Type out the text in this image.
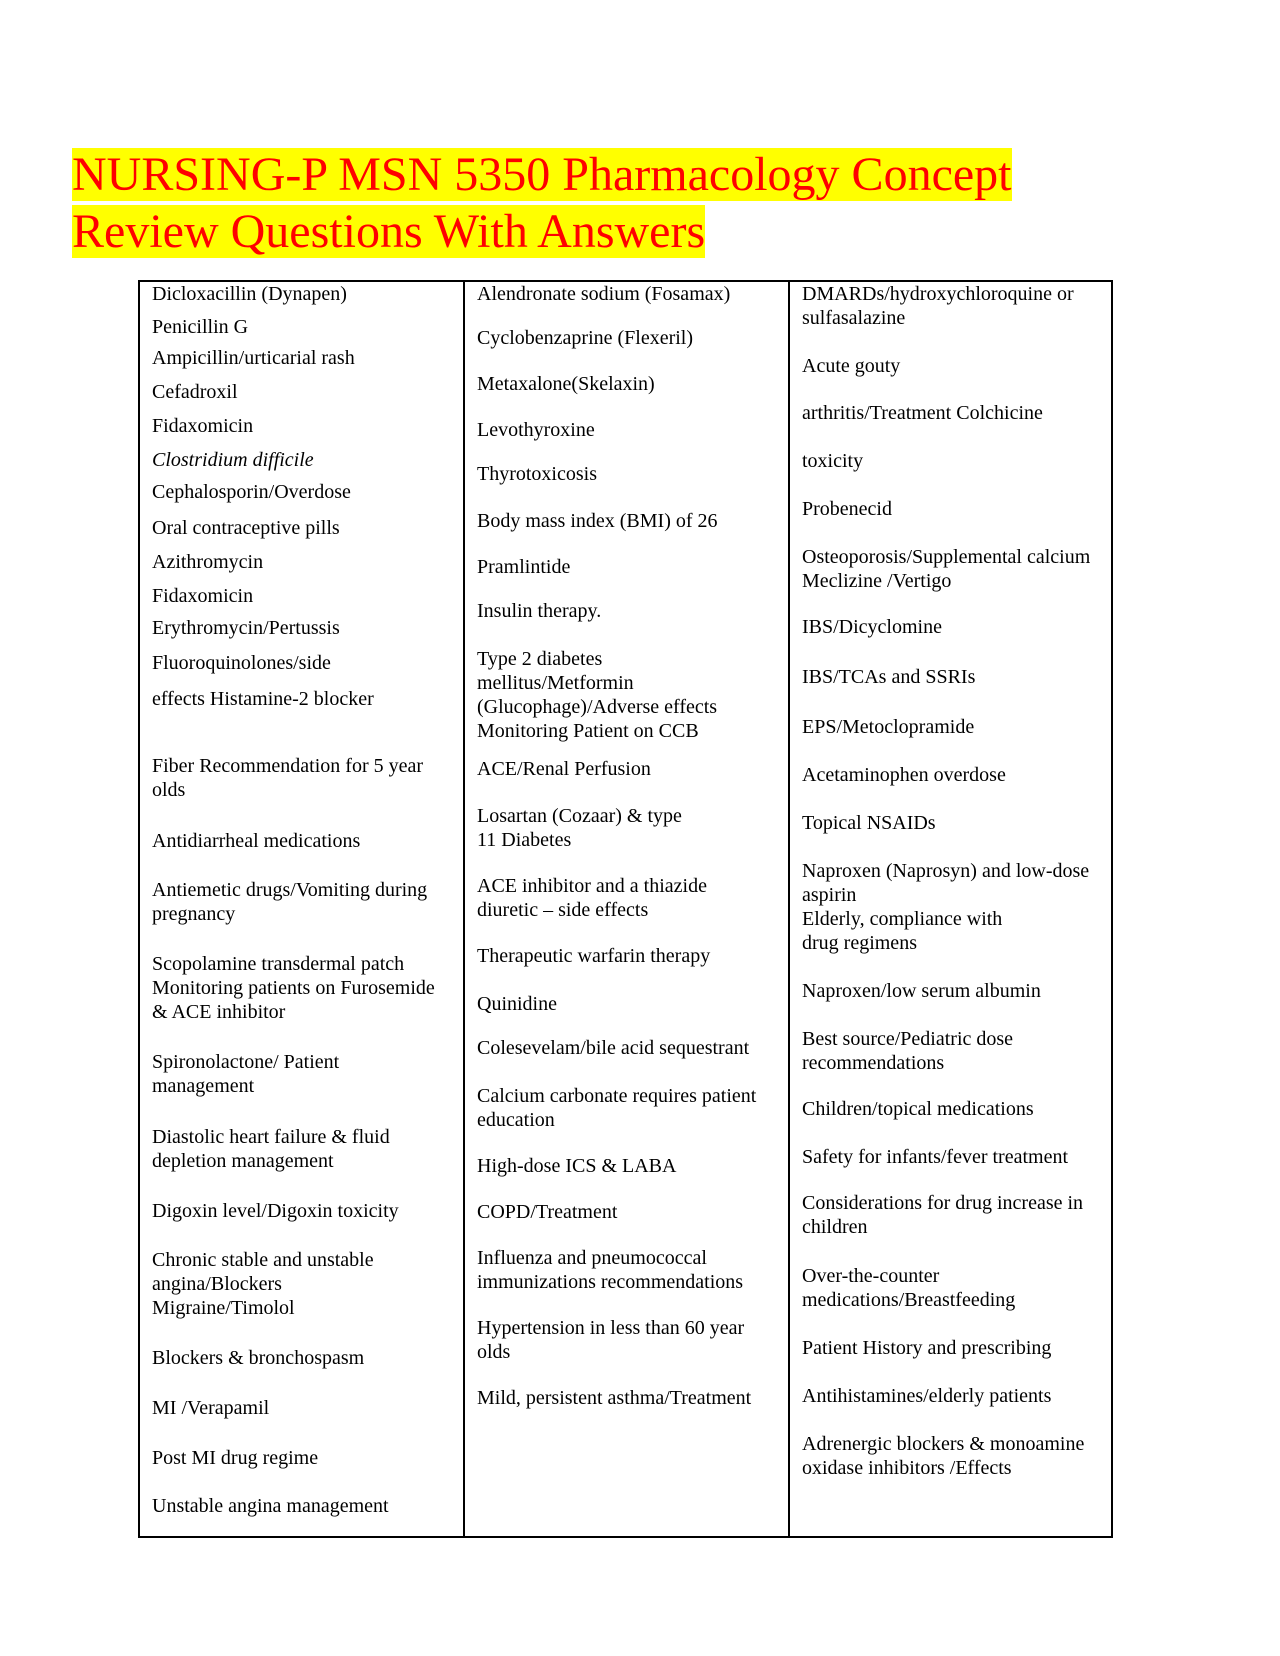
NURSING-P MSN 5350 Pharmacology Concept
Review Questions With Answers
Dicloxacillin (Dynapen)
Penicillin G
Ampicillin/urticarial rash
Cefadroxil
Fidaxomicin
Clostridium difficile
Cephalosporin/Overdose
Oral contraceptive pills
Azithromycin
Fidaxomicin
Erythromycin/Pertussis
Fluoroquinolones/side
effects Histamine-2 blocker
Fiber Recommendation for 5 year
olds
Antidiarrheal medications
Antiemetic drugs/Vomiting during
pregnancy
Scopolamine transdermal patch
Monitoring patients on Furosemide
& ACE inhibitor
Spironolactone/ Patient
management
Diastolic heart failure & fluid
depletion management
Digoxin level/Digoxin toxicity
Chronic stable and unstable
angina/Blockers
Migraine/Timolol
Blockers & bronchospasm
MI /Verapamil
Post MI drug regime
Unstable angina management
Alendronate sodium (Fosamax)
Cyclobenzaprine (Flexeril)
Metaxalone(Skelaxin)
Levothyroxine
Thyrotoxicosis
Body mass index (BMI) of 26
Pramlintide
Insulin therapy.
Type 2 diabetes
mellitus/Metformin
(Glucophage)/Adverse effects
Monitoring Patient on CCB
ACE/Renal Perfusion
Losartan (Cozaar) & type
11 Diabetes
ACE inhibitor and a thiazide
diuretic – side effects
Therapeutic warfarin therapy
Quinidine
Colesevelam/bile acid sequestrant
Calcium carbonate requires patient
education
High-dose ICS & LABA
COPD/Treatment
Influenza and pneumococcal
immunizations recommendations
Hypertension in less than 60 year
olds
Mild, persistent asthma/Treatment
DMARDs/hydroxychloroquine or
sulfasalazine
Acute gouty
arthritis/Treatment Colchicine
toxicity
Probenecid
Osteoporosis/Supplemental calcium
Meclizine /Vertigo
IBS/Dicyclomine
IBS/TCAs and SSRIs
EPS/Metoclopramide
Acetaminophen overdose
Topical NSAIDs
Naproxen (Naprosyn) and low-dose
aspirin
Elderly, compliance with
drug regimens
Naproxen/low serum albumin
Best source/Pediatric dose
recommendations
Children/topical medications
Safety for infants/fever treatment
Considerations for drug increase in
children
Over-the-counter
medications/Breastfeeding
Patient History and prescribing
Antihistamines/elderly patients
Adrenergic blockers & monoamine
oxidase inhibitors /Effects
